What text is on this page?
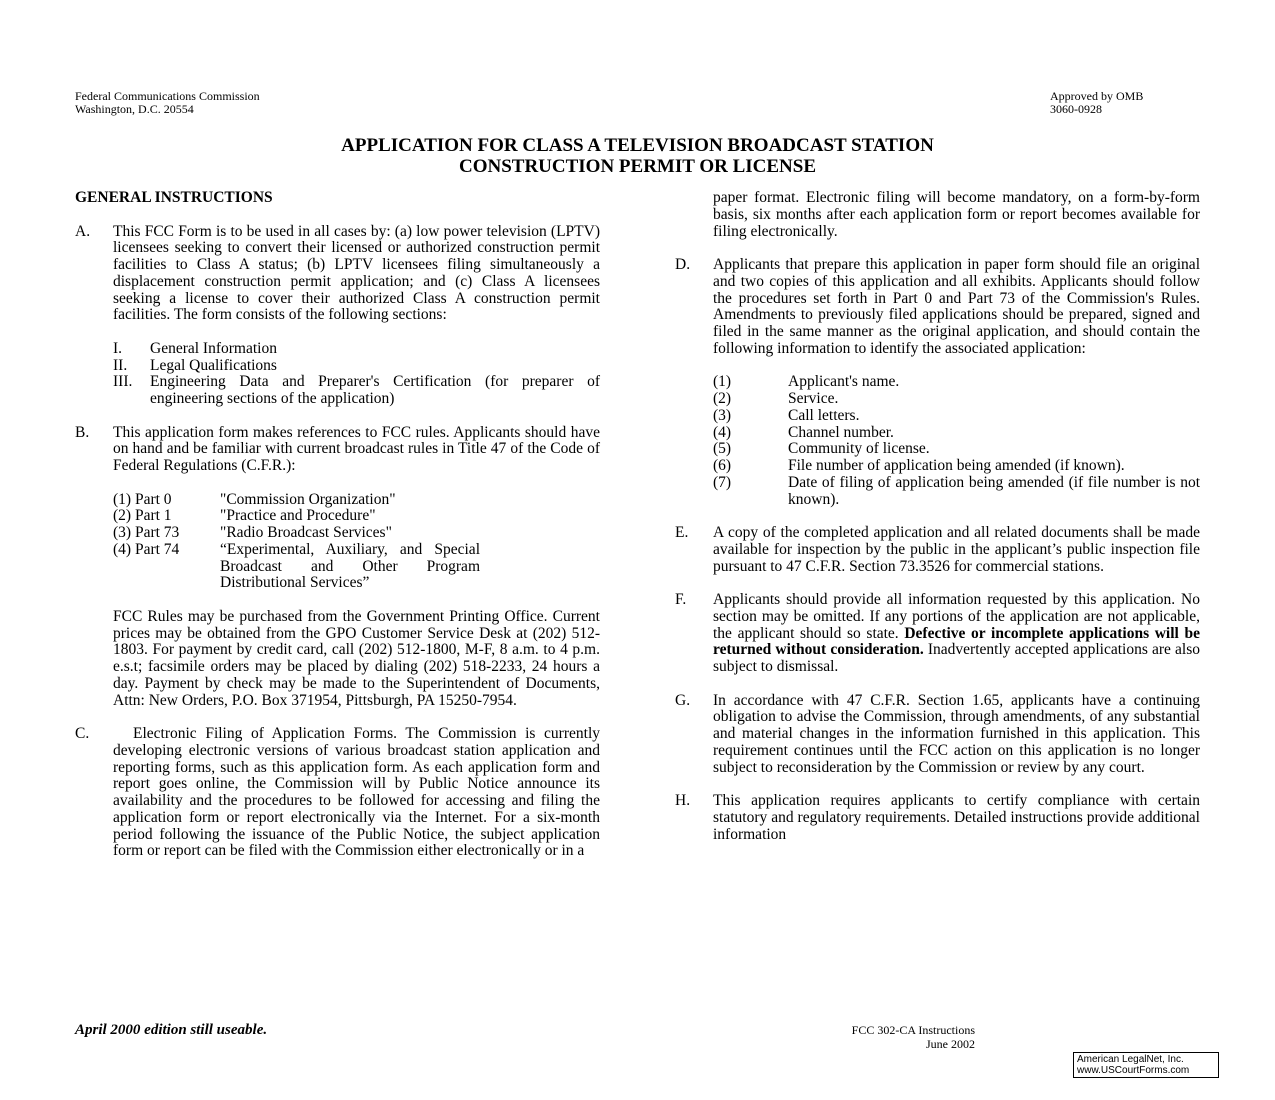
Federal Communications Commission
Washington, D.C. 20554
Approved by OMB
3060-0928
APPLICATION FOR CLASS A TELEVISION BROADCAST STATION
CONSTRUCTION PERMIT OR LICENSE
GENERAL INSTRUCTIONS
A. This FCC Form is to be used in all cases by: (a) low power television (LPTV) licensees seeking to convert their licensed or authorized construction permit facilities to Class A status; (b) LPTV licensees filing simultaneously a displacement construction permit application; and (c) Class A licensees seeking a license to cover their authorized Class A construction permit facilities. The form consists of the following sections:
I. General Information
II. Legal Qualifications
III. Engineering Data and Preparer's Certification (for preparer of engineering sections of the application)
B. This application form makes references to FCC rules. Applicants should have on hand and be familiar with current broadcast rules in Title 47 of the Code of Federal Regulations (C.F.R.):
(1) Part 0	"Commission Organization"
(2) Part 1	"Practice and Procedure"
(3) Part 73	"Radio Broadcast Services"
(4) Part 74	“Experimental, Auxiliary, and Special Broadcast and Other Program Distributional Services”
FCC Rules may be purchased from the Government Printing Office. Current prices may be obtained from the GPO Customer Service Desk at (202) 512-1803. For payment by credit card, call (202) 512-1800, M-F, 8 a.m. to 4 p.m. e.s.t; facsimile orders may be placed by dialing (202) 518-2233, 24 hours a day. Payment by check may be made to the Superintendent of Documents, Attn: New Orders, P.O. Box 371954, Pittsburgh, PA 15250-7954.
C.	Electronic Filing of Application Forms. The Commission is currently developing electronic versions of various broadcast station application and reporting forms, such as this application form. As each application form and report goes online, the Commission will by Public Notice announce its availability and the procedures to be followed for accessing and filing the application form or report electronically via the Internet. For a six-month period following the issuance of the Public Notice, the subject application form or report can be filed with the Commission either electronically or in a
paper format. Electronic filing will become mandatory, on a form-by-form basis, six months after each application form or report becomes available for filing electronically.
D. Applicants that prepare this application in paper form should file an original and two copies of this application and all exhibits. Applicants should follow the procedures set forth in Part 0 and Part 73 of the Commission's Rules. Amendments to previously filed applications should be prepared, signed and filed in the same manner as the original application, and should contain the following information to identify the associated application:
(1)	Applicant's name.
(2)	Service.
(3)	Call letters.
(4)	Channel number.
(5)	Community of license.
(6)	File number of application being amended (if known).
(7)	Date of filing of application being amended (if file number is not known).
E. A copy of the completed application and all related documents shall be made available for inspection by the public in the applicant’s public inspection file pursuant to 47 C.F.R. Section 73.3526 for commercial stations.
F. Applicants should provide all information requested by this application. No section may be omitted. If any portions of the application are not applicable, the applicant should so state. Defective or incomplete applications will be returned without consideration. Inadvertently accepted applications are also subject to dismissal.
G. In accordance with 47 C.F.R. Section 1.65, applicants have a continuing obligation to advise the Commission, through amendments, of any substantial and material changes in the information furnished in this application. This requirement continues until the FCC action on this application is no longer subject to reconsideration by the Commission or review by any court.
H. This application requires applicants to certify compliance with certain statutory and regulatory requirements. Detailed instructions provide additional information
April 2000 edition still useable.	FCC 302-CA Instructions
June 2002
American LegalNet, Inc.
www.USCourtForms.com
